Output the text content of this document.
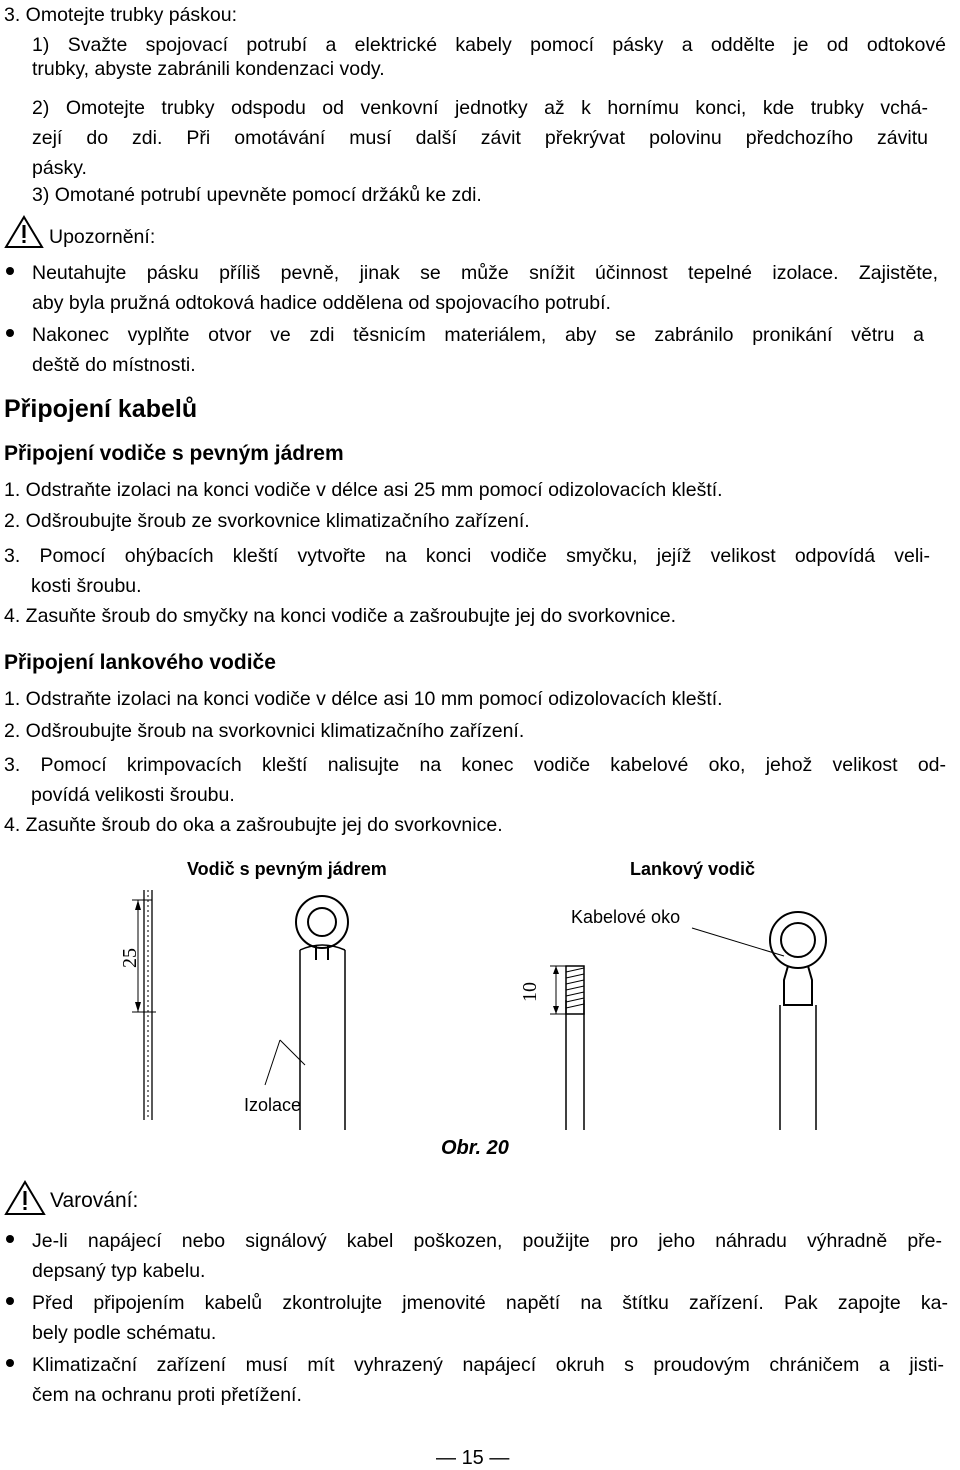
3. Omotejte trubky páskou:
1) Svažte spojovací potrubí a elektrické kabely pomocí pásky a oddělte je od odtokové
trubky, abyste zabránili kondenzaci vody.
2) Omotejte trubky odspodu od venkovní jednotky až k hornímu konci, kde trubky vchá-
zejí do zdi. Při omotávání musí další závit překrývat polovinu předchozího závitu
pásky.
3) Omotané potrubí upevněte pomocí držáků ke zdi.
Upozornění:
Neutahujte pásku příliš pevně, jinak se může snížit účinnost tepelné izolace. Zajistěte,
aby byla pružná odtoková hadice oddělena od spojovacího potrubí.
Nakonec vyplňte otvor ve zdi těsnicím materiálem, aby se zabránilo pronikání větru a
deště do místnosti.
Připojení kabelů
Připojení vodiče s pevným jádrem
1. Odstraňte izolaci na konci vodiče v délce asi 25 mm pomocí odizolovacích kleští.
2. Odšroubujte šroub ze svorkovnice klimatizačního zařízení.
3. Pomocí ohýbacích kleští vytvořte na konci vodiče smyčku, jejíž velikost odpovídá veli-
kosti šroubu.
4. Zasuňte šroub do smyčky na konci vodiče a zašroubujte jej do svorkovnice.
Připojení lankového vodiče
1. Odstraňte izolaci na konci vodiče v délce asi 10 mm pomocí odizolovacích kleští.
2. Odšroubujte šroub na svorkovnici klimatizačního zařízení.
3. Pomocí krimpovacích kleští nalisujte na konec vodiče kabelové oko, jehož velikost od-
povídá velikosti šroubu.
4. Zasuňte šroub do oka a zašroubujte jej do svorkovnice.
Vodič s pevným jádrem	Lankový vodič
Kabelové oko
Izolace
Obr. 20
25
10
Varování:
Je-li napájecí nebo signálový kabel poškozen, použijte pro jeho náhradu výhradně pře-
depsaný typ kabelu.
Před připojením kabelů zkontrolujte jmenovité napětí na štítku zařízení. Pak zapojte ka-
bely podle schématu.
Klimatizační zařízení musí mít vyhrazený napájecí okruh s proudovým chráničem a jisti-
čem na ochranu proti přetížení.
— 15 —
